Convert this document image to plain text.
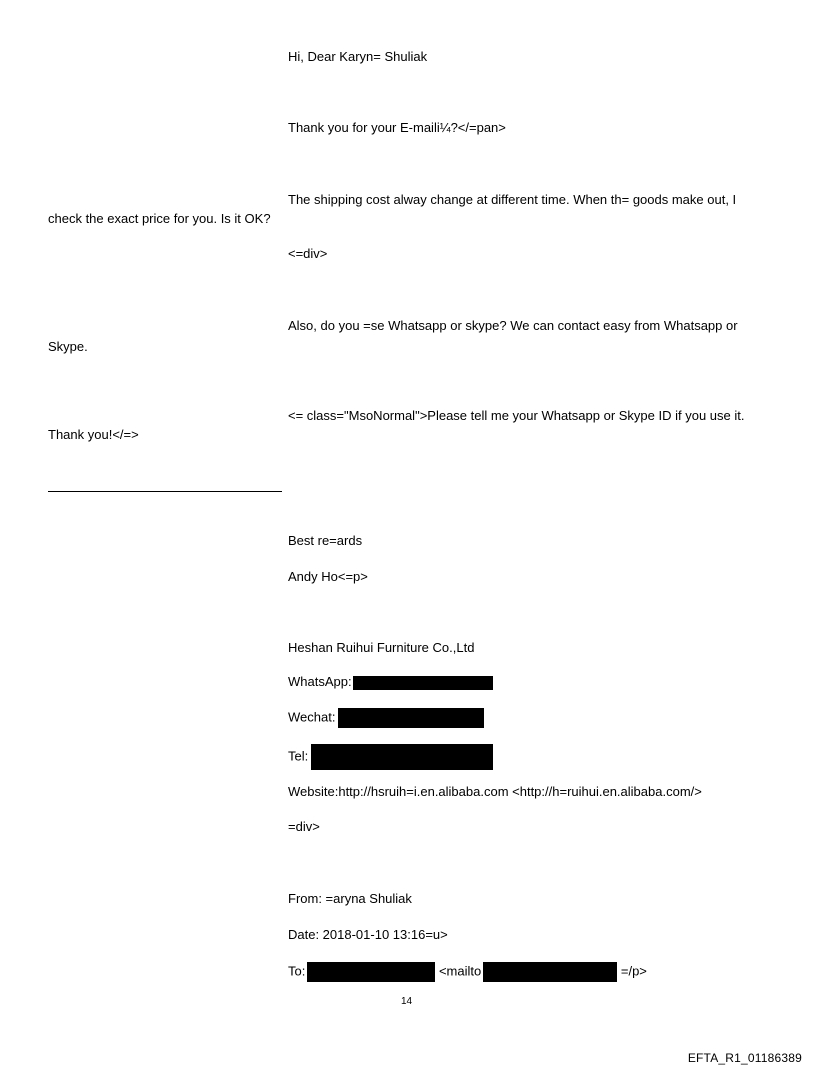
Hi, Dear Karyn= Shuliak
Thank you for your E-maili¼?</=pan>
The shipping cost alway change at different time. When th= goods make out, I
check the exact price for you. Is it OK?
<=div>
Also, do you =se Whatsapp or skype? We can contact easy from Whatsapp or
Skype.
<= class="MsoNormal">Please tell me your Whatsapp or Skype ID if you use it.
Thank you!</=>
Best re=ards
Andy Ho<=p>
Heshan Ruihui Furniture Co.,Ltd
WhatsApp:
Wechat:
Tel:
Website:http://hsruih=i.en.alibaba.com <http://h=ruihui.en.alibaba.com/>
=div>
From: =aryna Shuliak
Date: 2018-01-10 13:16=u>
To:	<mailto	=/p>
14
EFTA_R1_01186389
